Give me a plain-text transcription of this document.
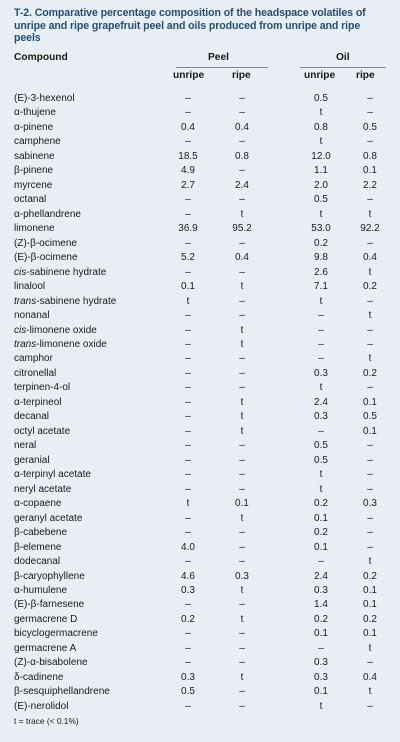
T-2. Comparative percentage composition of the headspace volatiles of unripe and ripe grapefruit peel and oils produced from unripe and ripe peels
Compound	Peel	Oil
unripe	ripe	unripe ripe
(E)-3-hexenol	–	–	0.5	–
α-thujene	–	–	t	–
α-pinene	0.4	0.4	0.8	0.5
camphene	–	–	t	–
sabinene	18.5	0.8	12.0	0.8
β-pinene	4.9	–	1.1	0.1
myrcene	2.7	2.4	2.0	2.2
octanal	–	–	0.5	–
α-phellandrene	–	t	t	t
limonene	36.9	95.2	53.0	92.2
(Z)-β-ocimene	–	–	0.2	–
(E)-β-ocimene	5.2	0.4	9.8	0.4
cis-sabinene hydrate	–	–	2.6	t
linalool	0.1	t	7.1	0.2
trans-sabinene hydrate	t	–	t	–
nonanal	–	–	–	t
cis-limonene oxide	–	t	–	–
trans-limonene oxide	–	t	–	–
camphor	–	–	–	t
citronellal	–	–	0.3	0.2
terpinen-4-ol	–	–	t	–
α-terpineol	–	t	2.4	0.1
decanal	–	t	0.3	0.5
octyl acetate	–	t	–	0.1
neral	–	–	0.5	–
geranial	–	–	0.5	–
α-terpinyl acetate	–	–	t	–
neryl acetate	–	–	t	–
α-copaene	t	0.1	0.2	0.3
geranyl acetate	–	t	0.1	–
β-cabebene	–	–	0.2	–
β-elemene	4.0	–	0.1	–
dodecanal	–	–	–	t
β-caryophyllene	4.6	0.3	2.4	0.2
α-humulene	0.3	t	0.3	0.1
(E)-β-farnesene	–	–	1.4	0.1
germacrene D	0.2	t	0.2	0.2
bicyclogermacrene	–	–	0.1	0.1
germacrene A	–	–	–	t
(Z)-α-bisabolene	–	–	0.3	–
δ-cadinene	0.3	t	0.3	0.4
β-sesquiphellandrene	0.5	–	0.1	t
(E)-nerolidol	–	–	t	–
t = trace (< 0.1%)
